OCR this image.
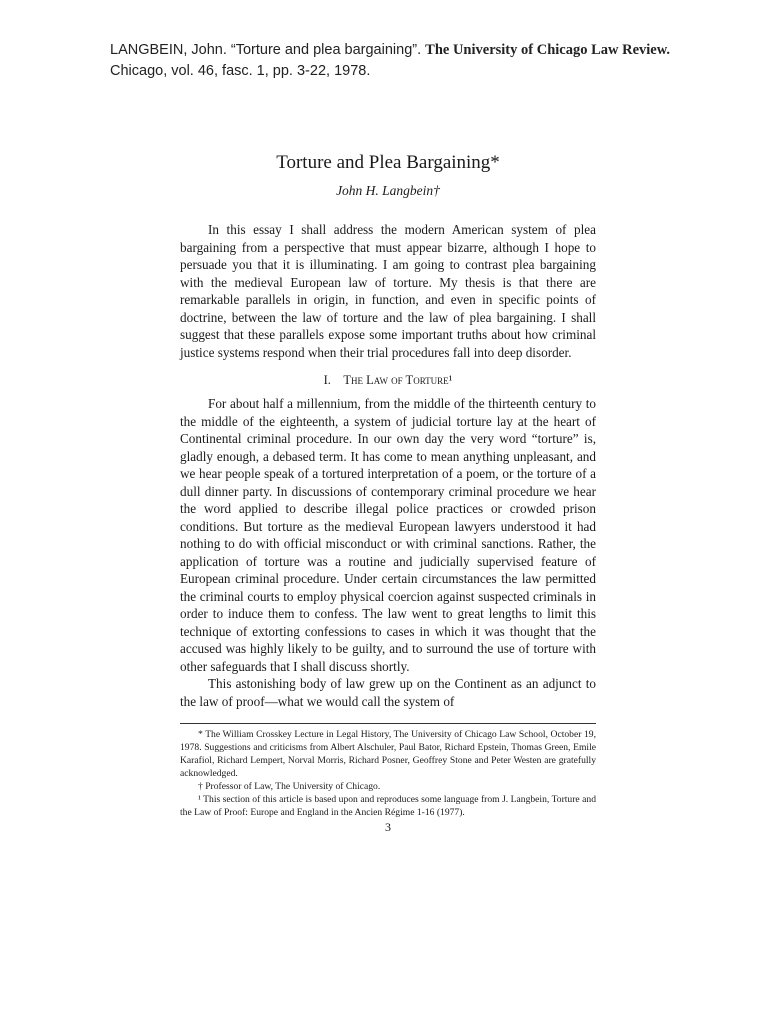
LANGBEIN, John. “Torture and plea bargaining”. The University of Chicago Law Review. Chicago, vol. 46, fasc. 1, pp. 3-22, 1978.

Torture and Plea Bargaining*

John H. Langbein†

In this essay I shall address the modern American system of plea bargaining from a perspective that must appear bizarre, although I hope to persuade you that it is illuminating. I am going to contrast plea bargaining with the medieval European law of torture. My thesis is that there are remarkable parallels in origin, in function, and even in specific points of doctrine, between the law of torture and the law of plea bargaining. I shall suggest that these parallels expose some important truths about how criminal justice systems respond when their trial procedures fall into deep disorder.

I. The Law of Torture¹

For about half a millennium, from the middle of the thirteenth century to the middle of the eighteenth, a system of judicial torture lay at the heart of Continental criminal procedure. In our own day the very word “torture” is, gladly enough, a debased term. It has come to mean anything unpleasant, and we hear people speak of a tortured interpretation of a poem, or the torture of a dull dinner party. In discussions of contemporary criminal procedure we hear the word applied to describe illegal police practices or crowded prison conditions. But torture as the medieval European lawyers understood it had nothing to do with official misconduct or with criminal sanctions. Rather, the application of torture was a routine and judicially supervised feature of European criminal procedure. Under certain circumstances the law permitted the criminal courts to employ physical coercion against suspected criminals in order to induce them to confess. The law went to great lengths to limit this technique of extorting confessions to cases in which it was thought that the accused was highly likely to be guilty, and to surround the use of torture with other safeguards that I shall discuss shortly.

This astonishing body of law grew up on the Continent as an adjunct to the law of proof—what we would call the system of

* The William Crosskey Lecture in Legal History, The University of Chicago Law School, October 19, 1978. Suggestions and criticisms from Albert Alschuler, Paul Bator, Richard Epstein, Thomas Green, Emile Karafiol, Richard Lempert, Norval Morris, Richard Posner, Geoffrey Stone and Peter Westen are gratefully acknowledged.

† Professor of Law, The University of Chicago.

¹ This section of this article is based upon and reproduces some language from J. Langbein, Torture and the Law of Proof: Europe and England in the Ancien Régime 1-16 (1977).

3
